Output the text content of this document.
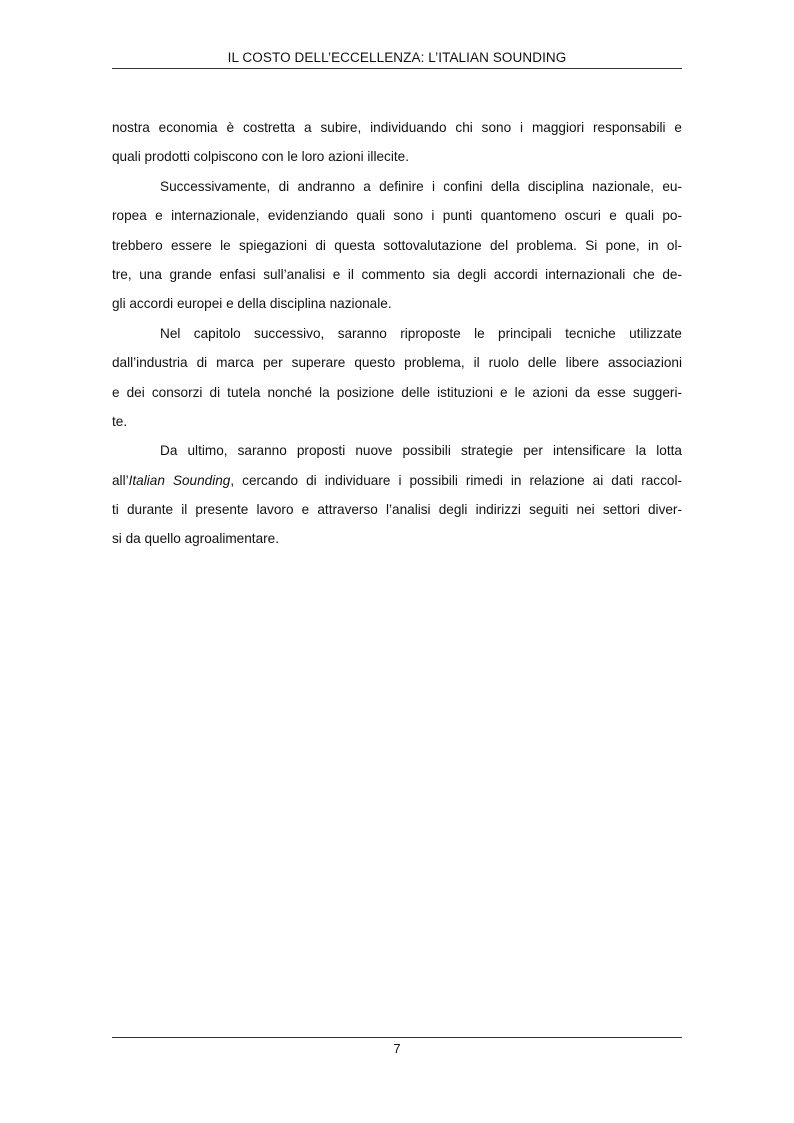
IL COSTO DELL’ECCELLENZA: L’ITALIAN SOUNDING
nostra economia è costretta a subire, individuando chi sono i maggiori responsabili e
quali prodotti colpiscono con le loro azioni illecite.
Successivamente, di andranno a definire i confini della disciplina nazionale, eu-
ropea e internazionale, evidenziando quali sono i punti quantomeno oscuri e quali po-
trebbero essere le spiegazioni di questa sottovalutazione del problema. Si pone, in ol-
tre, una grande enfasi sull’analisi e il commento sia degli accordi internazionali che de-
gli accordi europei e della disciplina nazionale.
Nel capitolo successivo, saranno riproposte le principali tecniche utilizzate
dall’industria di marca per superare questo problema, il ruolo delle libere associazioni
e dei consorzi di tutela nonché la posizione delle istituzioni e le azioni da esse suggeri-
te.
Da ultimo, saranno proposti nuove possibili strategie per intensificare la lotta
all’Italian Sounding, cercando di individuare i possibili rimedi in relazione ai dati raccol-
ti durante il presente lavoro e attraverso l’analisi degli indirizzi seguiti nei settori diver-
si da quello agroalimentare.
7
